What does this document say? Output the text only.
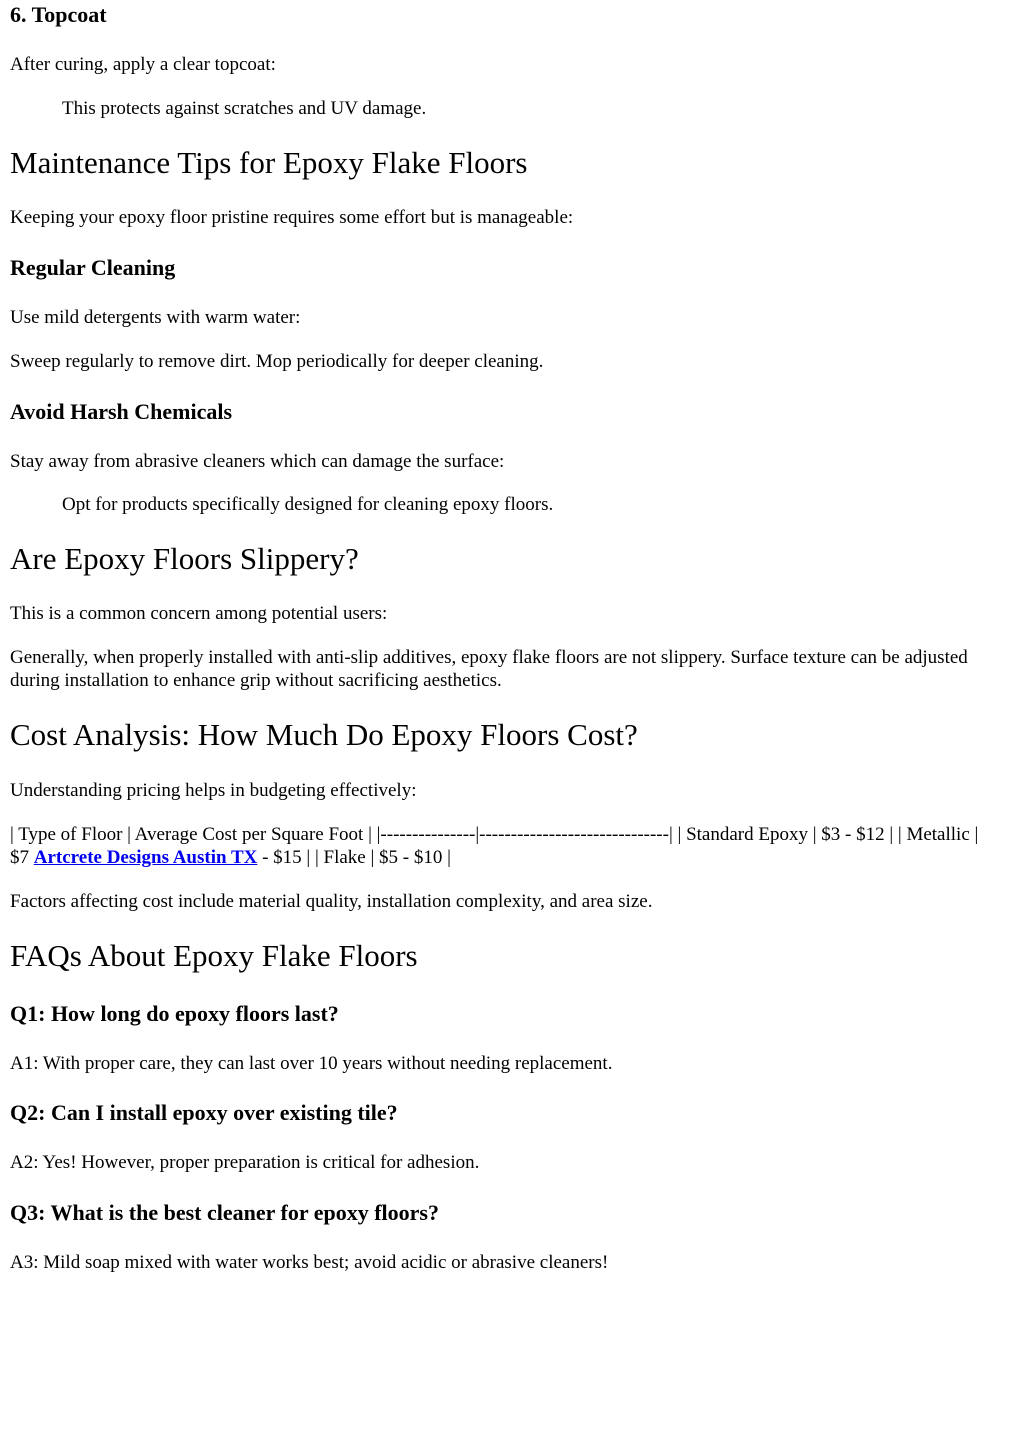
6. Topcoat

After curing, apply a clear topcoat:

This protects against scratches and UV damage.

Maintenance Tips for Epoxy Flake Floors

Keeping your epoxy floor pristine requires some effort but is manageable:

Regular Cleaning

Use mild detergents with warm water:

Sweep regularly to remove dirt. Mop periodically for deeper cleaning.

Avoid Harsh Chemicals

Stay away from abrasive cleaners which can damage the surface:

Opt for products specifically designed for cleaning epoxy floors.

Are Epoxy Floors Slippery?

This is a common concern among potential users:

Generally, when properly installed with anti-slip additives, epoxy flake floors are not slippery. Surface texture can be adjusted during installation to enhance grip without sacrificing aesthetics.

Cost Analysis: How Much Do Epoxy Floors Cost?

Understanding pricing helps in budgeting effectively:

| Type of Floor | Average Cost per Square Foot | |---------------|------------------------------| | Standard Epoxy | $3 - $12 | | Metallic | $7 Artcrete Designs Austin TX - $15 | | Flake | $5 - $10 |

Factors affecting cost include material quality, installation complexity, and area size.

FAQs About Epoxy Flake Floors
Q1: How long do epoxy floors last?

A1: With proper care, they can last over 10 years without needing replacement.

Q2: Can I install epoxy over existing tile?

A2: Yes! However, proper preparation is critical for adhesion.

Q3: What is the best cleaner for epoxy floors?

A3: Mild soap mixed with water works best; avoid acidic or abrasive cleaners!
